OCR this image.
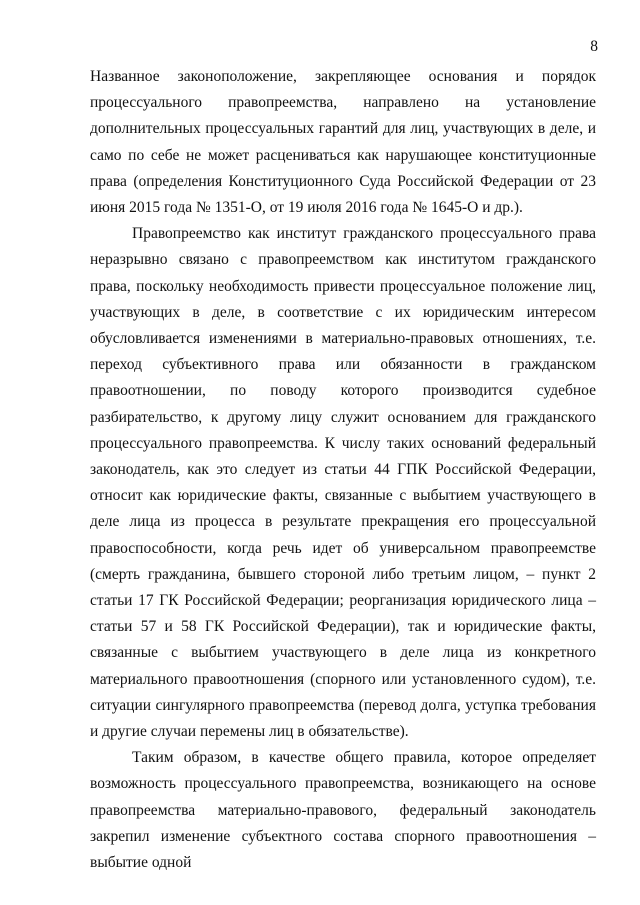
8

Названное законоположение, закрепляющее основания и порядок процессуального правопреемства, направлено на установление дополнительных процессуальных гарантий для лиц, участвующих в деле, и само по себе не может расцениваться как нарушающее конституционные права (определения Конституционного Суда Российской Федерации от 23 июня 2015 года № 1351-О, от 19 июля 2016 года № 1645-О и др.).

Правопреемство как институт гражданского процессуального права неразрывно связано с правопреемством как институтом гражданского права, поскольку необходимость привести процессуальное положение лиц, участвующих в деле, в соответствие с их юридическим интересом обусловливается изменениями в материально-правовых отношениях, т.е. переход субъективного права или обязанности в гражданском правоотношении, по поводу которого производится судебное разбирательство, к другому лицу служит основанием для гражданского процессуального правопреемства. К числу таких оснований федеральный законодатель, как это следует из статьи 44 ГПК Российской Федерации, относит как юридические факты, связанные с выбытием участвующего в деле лица из процесса в результате прекращения его процессуальной правоспособности, когда речь идет об универсальном правопреемстве (смерть гражданина, бывшего стороной либо третьим лицом, – пункт 2 статьи 17 ГК Российской Федерации; реорганизация юридического лица – статьи 57 и 58 ГК Российской Федерации), так и юридические факты, связанные с выбытием участвующего в деле лица из конкретного материального правоотношения (спорного или установленного судом), т.е. ситуации сингулярного правопреемства (перевод долга, уступка требования и другие случаи перемены лиц в обязательстве).

Таким образом, в качестве общего правила, которое определяет возможность процессуального правопреемства, возникающего на основе правопреемства материально-правового, федеральный законодатель закрепил изменение субъектного состава спорного правоотношения – выбытие одной
